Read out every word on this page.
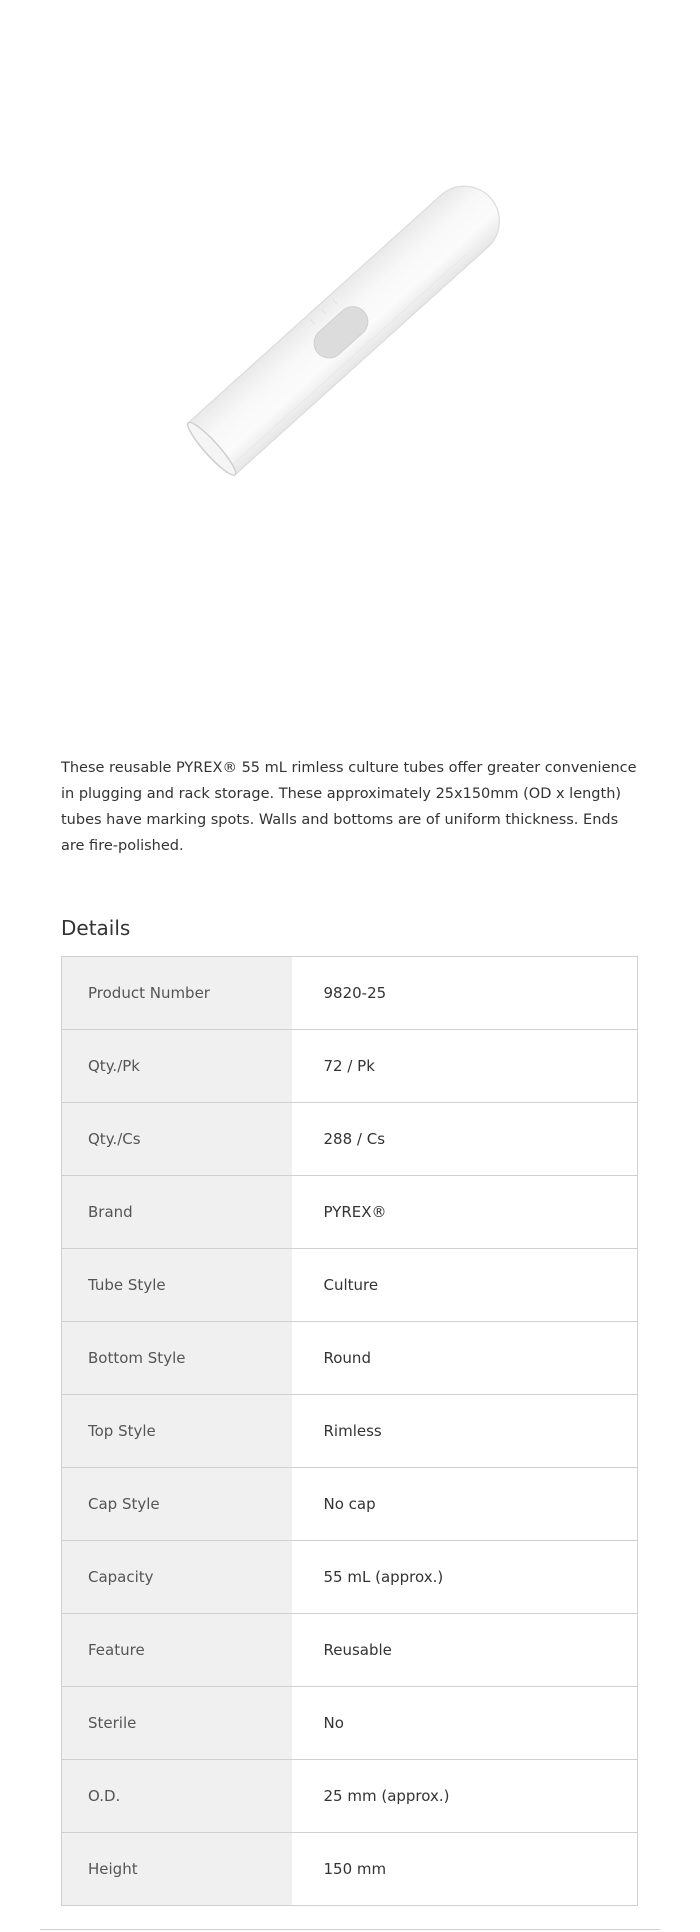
These reusable PYREX® 55 mL rimless culture tubes offer greater convenience in plugging and rack storage. These approximately 25x150mm (OD x length) tubes have marking spots. Walls and bottoms are of uniform thickness. Ends are fire-polished.

Details
Product Number	9820-25
Qty./Pk	72 / Pk
Qty./Cs	288 / Cs
Brand	PYREX®
Tube Style	Culture
Bottom Style	Round
Top Style	Rimless
Cap Style	No cap
Capacity	55 mL (approx.)
Feature	Reusable
Sterile	No
O.D.	25 mm (approx.)
Height	150 mm
